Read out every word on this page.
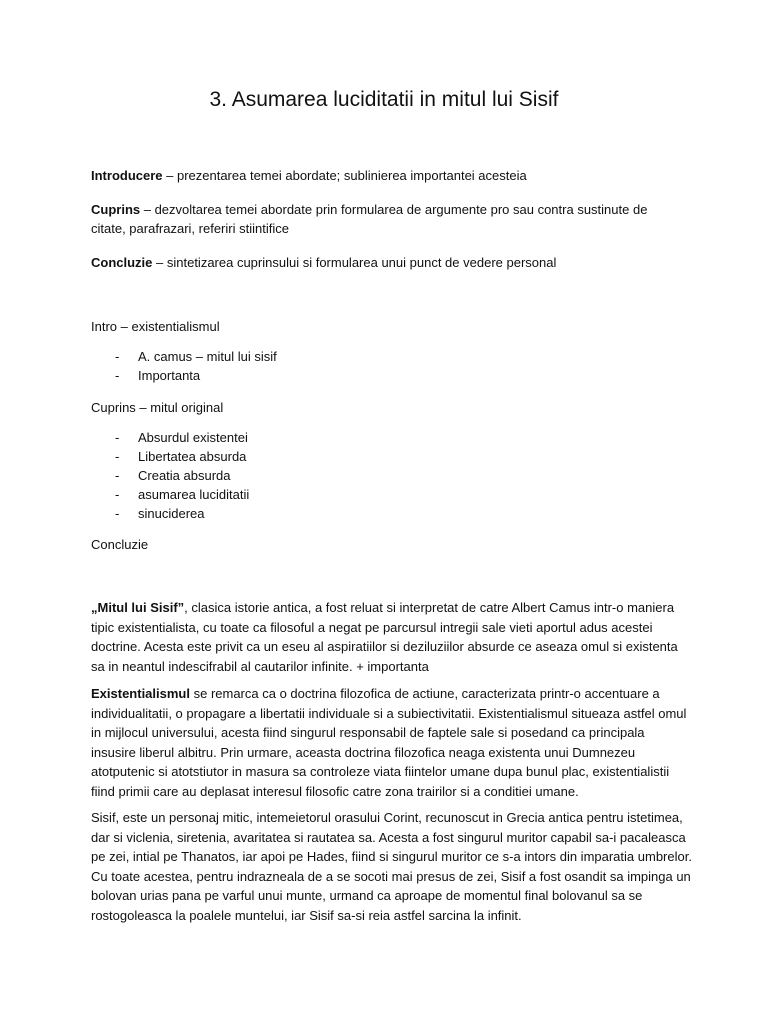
3. Asumarea luciditatii in mitul lui Sisif
Introducere – prezentarea temei abordate; sublinierea importantei acesteia
Cuprins – dezvoltarea temei abordate prin formularea de argumente pro sau contra sustinute de citate, parafrazari, referiri stiintifice
Concluzie – sintetizarea cuprinsului si formularea unui punct de vedere personal
Intro – existentialismul
- A. camus – mitul lui sisif
- Importanta
Cuprins – mitul original
- Absurdul existentei
- Libertatea absurda
- Creatia absurda
- asumarea luciditatii
- sinuciderea
Concluzie
„Mitul lui Sisif”, clasica istorie antica, a fost reluat si interpretat de catre Albert Camus intr-o maniera tipic existentialista, cu toate ca filosoful a negat pe parcursul intregii sale vieti aportul adus acestei doctrine. Acesta este privit ca un eseu al aspiratiilor si deziluziilor absurde ce aseaza omul si existenta sa in neantul indescifrabil al cautarilor infinite. + importanta
Existentialismul se remarca ca o doctrina filozofica de actiune, caracterizata printr-o accentuare a individualitatii, o propagare a libertatii individuale si a subiectivitatii. Existentialismul situeaza astfel omul in mijlocul universului, acesta fiind singurul responsabil de faptele sale si posedand ca principala insusire liberul albitru. Prin urmare, aceasta doctrina filozofica neaga existenta unui Dumnezeu atotputenic si atotstiutor in masura sa controleze viata fiintelor umane dupa bunul plac, existentialistii fiind primii care au deplasat interesul filosofic catre zona trairilor si a conditiei umane.
Sisif, este un personaj mitic, intemeietorul orasului Corint, recunoscut in Grecia antica pentru istetimea, dar si viclenia, siretenia, avaritatea si rautatea sa. Acesta a fost singurul muritor capabil sa-i pacaleasca pe zei, intial pe Thanatos, iar apoi pe Hades, fiind si singurul muritor ce s-a intors din imparatia umbrelor. Cu toate acestea, pentru indrazneala de a se socoti mai presus de zei, Sisif a fost osandit sa impinga un bolovan urias pana pe varful unui munte, urmand ca aproape de momentul final bolovanul sa se rostogoleasca la poalele muntelui, iar Sisif sa-si reia astfel sarcina la infinit.
